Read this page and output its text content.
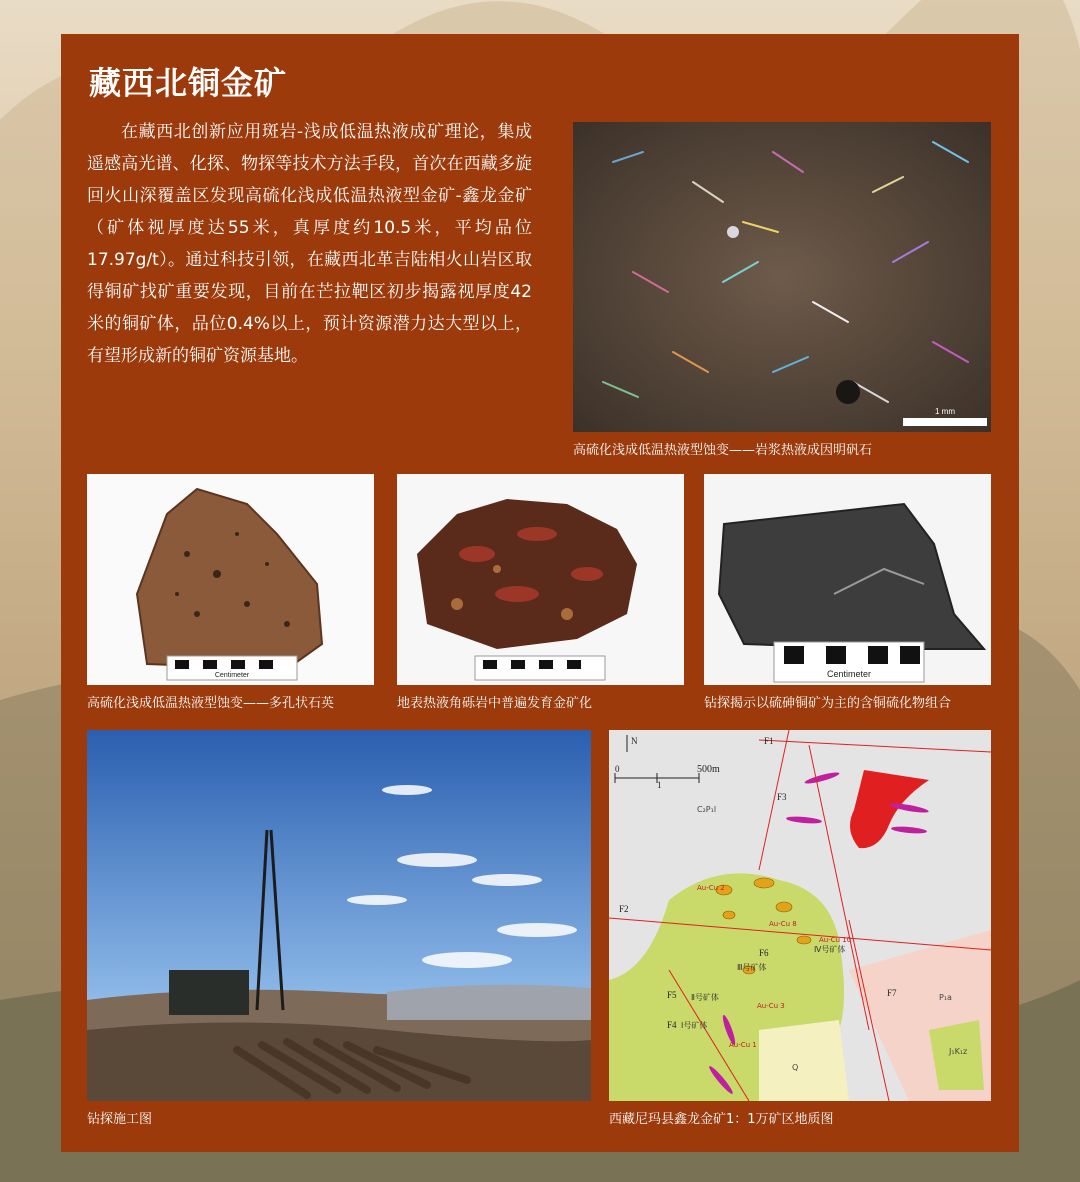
藏西北铜金矿

在藏西北创新应用斑岩-浅成低温热液成矿理论，集成遥感高光谱、化探、物探等技术方法手段，首次在西藏多旋回火山深覆盖区发现高硫化浅成低温热液型金矿-鑫龙金矿（矿体视厚度达55米，真厚度约10.5米，平均品位17.97g/t）。通过科技引领，在藏西北革吉陆相火山岩区取得铜矿找矿重要发现，目前在芒拉靶区初步揭露视厚度42米的铜矿体，品位0.4%以上，预计资源潜力达大型以上，有望形成新的铜矿资源基地。

1 mm

高硫化浅成低温热液型蚀变——岩浆热液成因明矾石

Centimeter

高硫化浅成低温热液型蚀变——多孔状石英	地表热液角砾岩中普遍发育金矿化

Centimeter

钻探揭示以硫砷铜矿为主的含铜硫化物组合

钻探施工图

0
1
500m
N	F1
F2
F3
F4
F5
F6
F7
Ⅰ号矿体
Ⅱ号矿体
Ⅲ号矿体
Ⅳ号矿体
C₂P₁l
J₁K₁z
P₁a
Q
Au-Cu 2
Au-Cu 8
Au-Cu 10
Au-Cu 3
Au-Cu 1

西藏尼玛县鑫龙金矿1：1万矿区地质图
